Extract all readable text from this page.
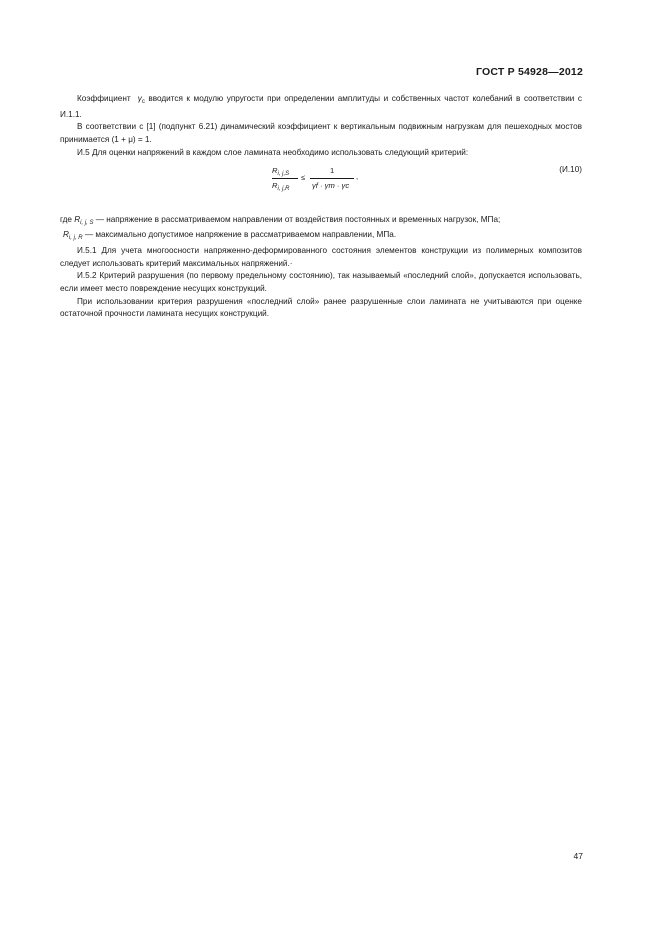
ГОСТ Р 54928—2012

Коэффициент $\gamma_c$ вводится к модулю упругости при определении амплитуды и собственных частот колебаний в соответствии с И.1.1.

В соответствии с [1] (подпункт 6.21) динамический коэффициент к вертикальным подвижным нагрузкам для пешеходных мостов принимается (1 + μ) = 1.

И.5 Для оценки напряжений в каждом слое ламината необходимо использовать следующий критерий:

$R_{i, j,S}$
$R_{i, j,R}$
≤
1
γf · γm · γc
,
(И.10)

где $R_{i, j, S}$ — напряжение в рассматриваемом направлении от воздействия постоянных и временных нагрузок, МПа;

$R_{i, j, R}$ — максимально допустимое напряжение в рассматриваемом направлении, МПа.

И.5.1 Для учета многоосности напряженно-деформированного состояния элементов конструкции из полимерных композитов следует использовать критерий максимальных напряжений.·

И.5.2 Критерий разрушения (по первому предельному состоянию), так называемый «последний слой», допускается использовать, если имеет место повреждение несущих конструкций.

При использовании критерия разрушения «последний слой» ранее разрушенные слои ламината не учитываются при оценке остаточной прочности ламината несущих конструкций.

47
